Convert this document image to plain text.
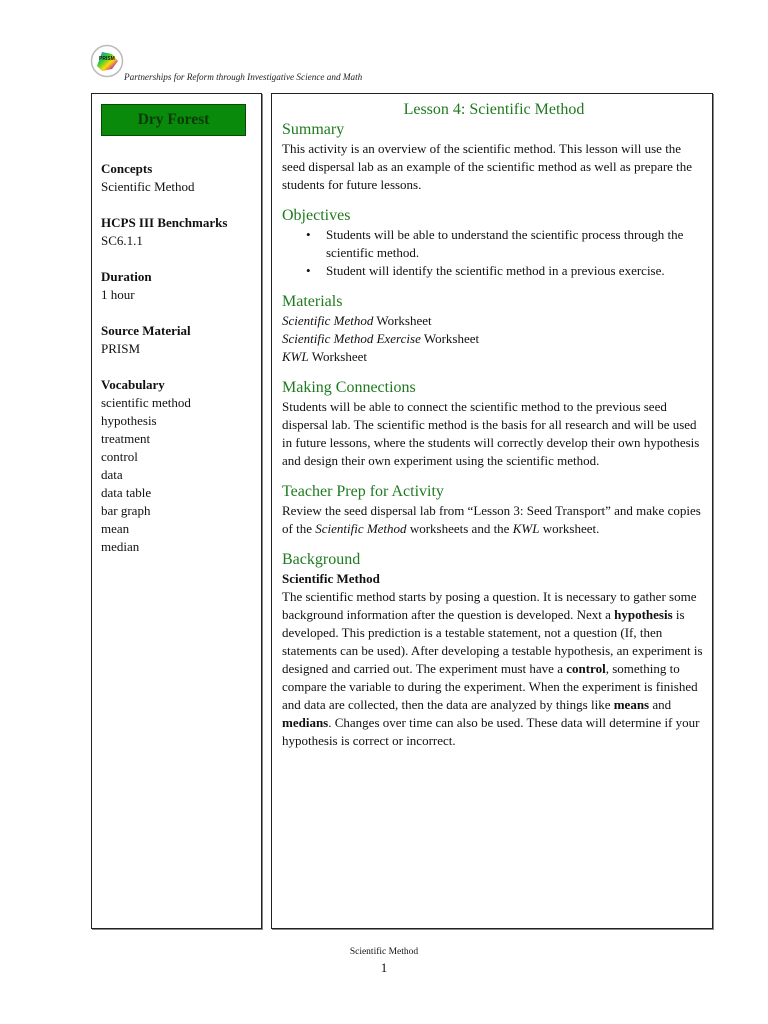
PRISM
Partnerships for Reform through Investigative Science and Math
Dry Forest
Concepts
Scientific Method
HCPS III Benchmarks
SC6.1.1
Duration
1 hour
Source Material
PRISM
Vocabulary
scientific method
hypothesis
treatment
control
data
data table
bar graph
mean
median
Lesson 4: Scientific Method
Summary
This activity is an overview of the scientific method. This lesson will use the seed dispersal lab as an example of the scientific method as well as prepare the students for future lessons.
Objectives
• Students will be able to understand the scientific process through the scientific method.
• Student will identify the scientific method in a previous exercise.
Materials
Scientific Method Worksheet
Scientific Method Exercise Worksheet
KWL Worksheet
Making Connections
Students will be able to connect the scientific method to the previous seed dispersal lab. The scientific method is the basis for all research and will be used in future lessons, where the students will correctly develop their own hypothesis and design their own experiment using the scientific method.
Teacher Prep for Activity
Review the seed dispersal lab from “Lesson 3: Seed Transport” and make copies of the Scientific Method worksheets and the KWL worksheet.
Background
Scientific Method
The scientific method starts by posing a question. It is necessary to gather some background information after the question is developed. Next a hypothesis is developed. This prediction is a testable statement, not a question (If, then statements can be used). After developing a testable hypothesis, an experiment is designed and carried out. The experiment must have a control, something to compare the variable to during the experiment. When the experiment is finished and data are collected, then the data are analyzed by things like means and medians. Changes over time can also be used. These data will determine if your hypothesis is correct or incorrect.
Scientific Method
1
